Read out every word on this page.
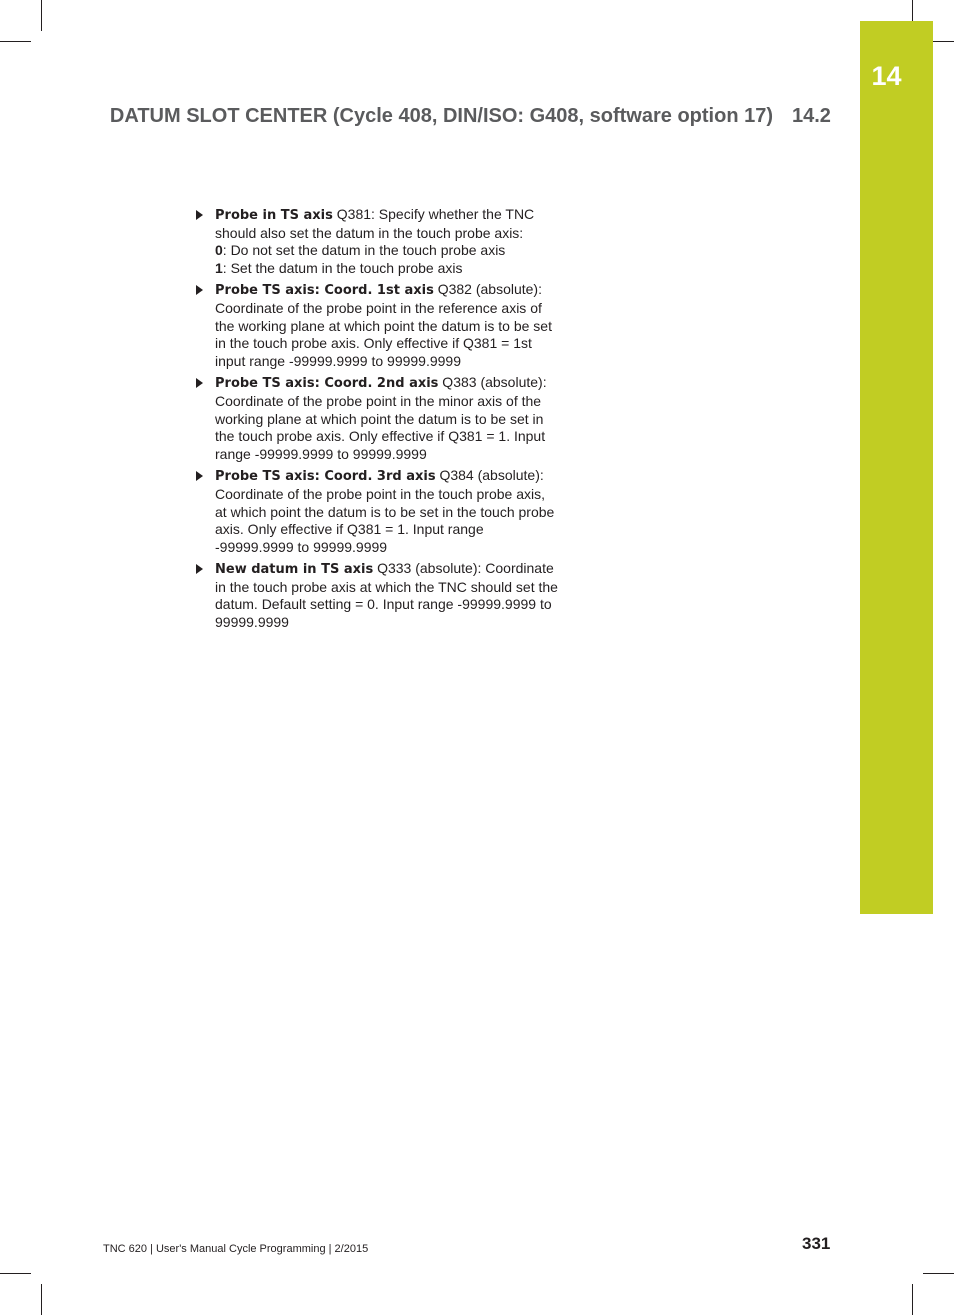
14
DATUM SLOT CENTER (Cycle 408, DIN/ISO: G408, software option 17) 14.2
Probe in TS axis Q381: Specify whether the TNC should also set the datum in the touch probe axis:
0: Do not set the datum in the touch probe axis
1: Set the datum in the touch probe axis
Probe TS axis: Coord. 1st axis Q382 (absolute): Coordinate of the probe point in the reference axis of the working plane at which point the datum is to be set in the touch probe axis. Only effective if Q381 = 1st input range -99999.9999 to 99999.9999
Probe TS axis: Coord. 2nd axis Q383 (absolute): Coordinate of the probe point in the minor axis of the working plane at which point the datum is to be set in the touch probe axis. Only effective if Q381 = 1. Input range -99999.9999 to 99999.9999
Probe TS axis: Coord. 3rd axis Q384 (absolute): Coordinate of the probe point in the touch probe axis, at which point the datum is to be set in the touch probe axis. Only effective if Q381 = 1. Input range -99999.9999 to 99999.9999
New datum in TS axis Q333 (absolute): Coordinate in the touch probe axis at which the TNC should set the datum. Default setting = 0. Input range -99999.9999 to 99999.9999
TNC 620 | User's Manual Cycle Programming | 2/2015	331
